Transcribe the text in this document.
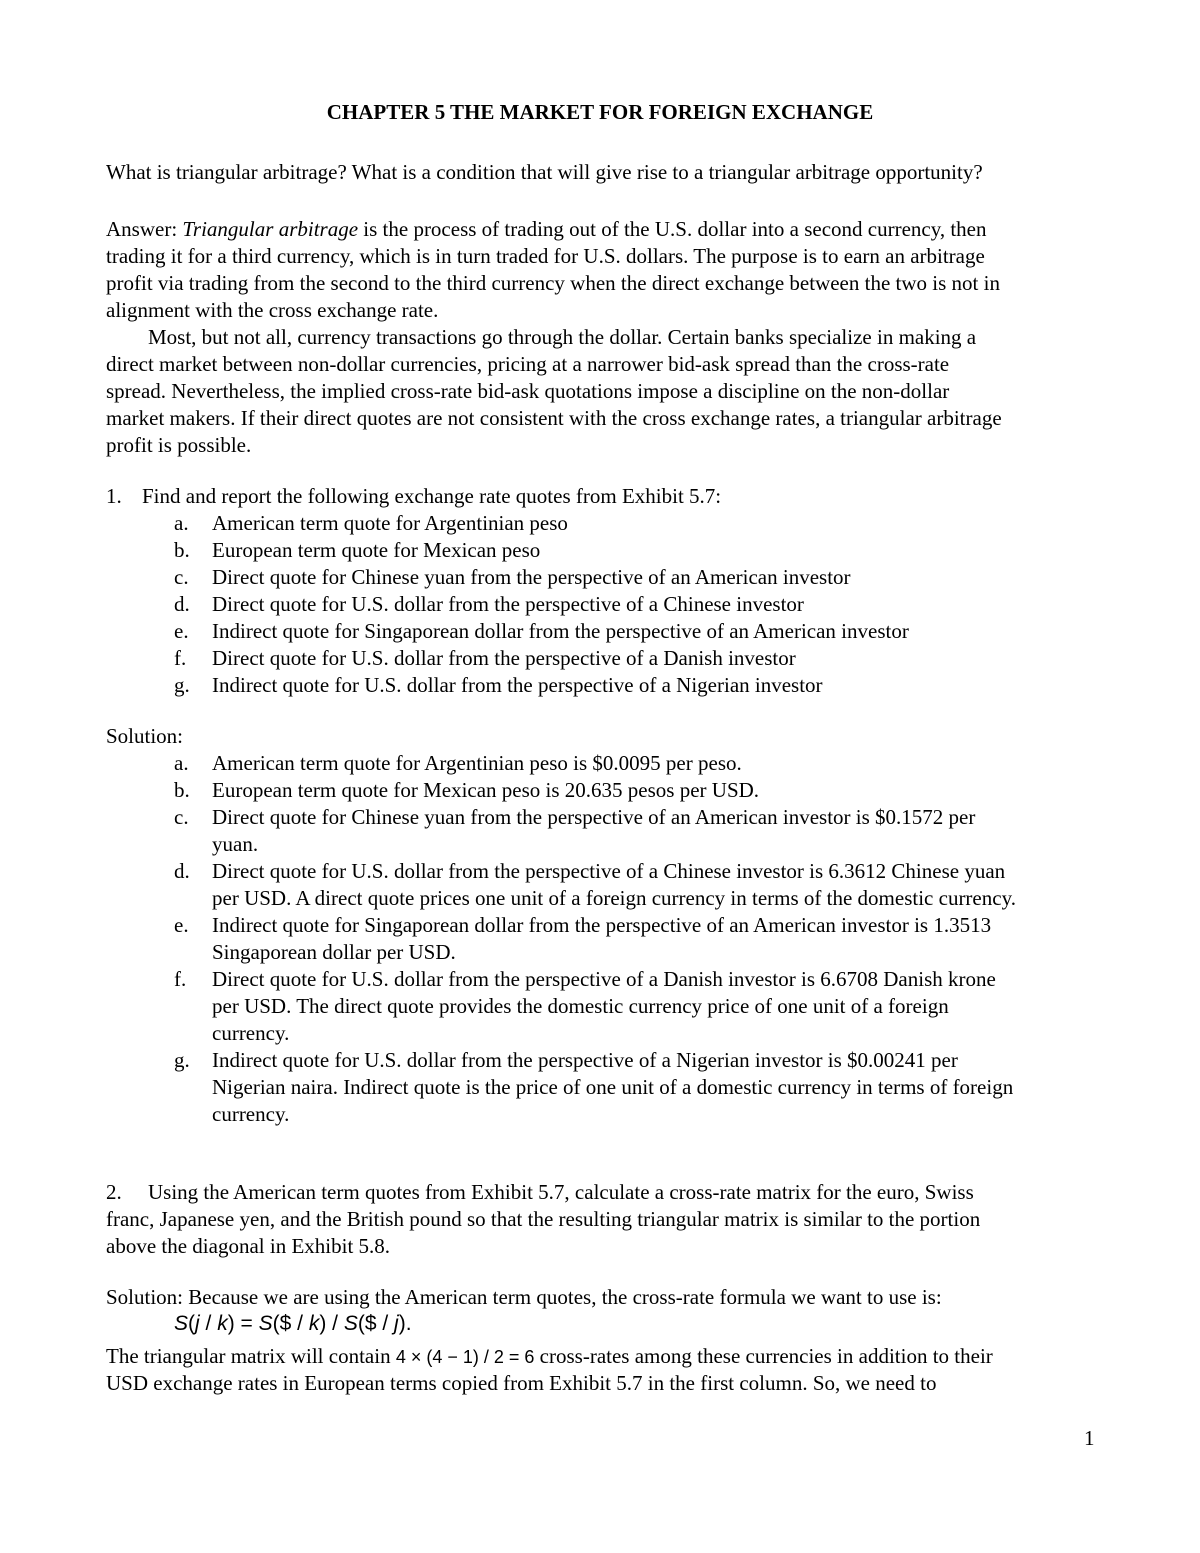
CHAPTER 5 THE MARKET FOR FOREIGN EXCHANGE
What is triangular arbitrage? What is a condition that will give rise to a triangular arbitrage opportunity?
Answer: Triangular arbitrage is the process of trading out of the U.S. dollar into a second currency, then
trading it for a third currency, which is in turn traded for U.S. dollars. The purpose is to earn an arbitrage
profit via trading from the second to the third currency when the direct exchange between the two is not in
alignment with the cross exchange rate.
Most, but not all, currency transactions go through the dollar. Certain banks specialize in making a
direct market between non-dollar currencies, pricing at a narrower bid-ask spread than the cross-rate
spread. Nevertheless, the implied cross-rate bid-ask quotations impose a discipline on the non-dollar
market makers. If their direct quotes are not consistent with the cross exchange rates, a triangular arbitrage
profit is possible.
1. Find and report the following exchange rate quotes from Exhibit 5.7:
a. American term quote for Argentinian peso
b. European term quote for Mexican peso
c. Direct quote for Chinese yuan from the perspective of an American investor
d. Direct quote for U.S. dollar from the perspective of a Chinese investor
e. Indirect quote for Singaporean dollar from the perspective of an American investor
f. Direct quote for U.S. dollar from the perspective of a Danish investor
g. Indirect quote for U.S. dollar from the perspective of a Nigerian investor
Solution:
a. American term quote for Argentinian peso is $0.0095 per peso.
b. European term quote for Mexican peso is 20.635 pesos per USD.
c. Direct quote for Chinese yuan from the perspective of an American investor is $0.1572 per
yuan.
d. Direct quote for U.S. dollar from the perspective of a Chinese investor is 6.3612 Chinese yuan
per USD. A direct quote prices one unit of a foreign currency in terms of the domestic currency.
e. Indirect quote for Singaporean dollar from the perspective of an American investor is 1.3513
Singaporean dollar per USD.
f. Direct quote for U.S. dollar from the perspective of a Danish investor is 6.6708 Danish krone
per USD. The direct quote provides the domestic currency price of one unit of a foreign
currency.
g. Indirect quote for U.S. dollar from the perspective of a Nigerian investor is $0.00241 per
Nigerian naira. Indirect quote is the price of one unit of a domestic currency in terms of foreign
currency.
2. Using the American term quotes from Exhibit 5.7, calculate a cross-rate matrix for the euro, Swiss
franc, Japanese yen, and the British pound so that the resulting triangular matrix is similar to the portion
above the diagonal in Exhibit 5.8.
Solution: Because we are using the American term quotes, the cross-rate formula we want to use is:
S(j / k) = S($ / k) / S($ / j).
The triangular matrix will contain 4 × (4 − 1) / 2 = 6 cross-rates among these currencies in addition to their
USD exchange rates in European terms copied from Exhibit 5.7 in the first column. So, we need to
1
